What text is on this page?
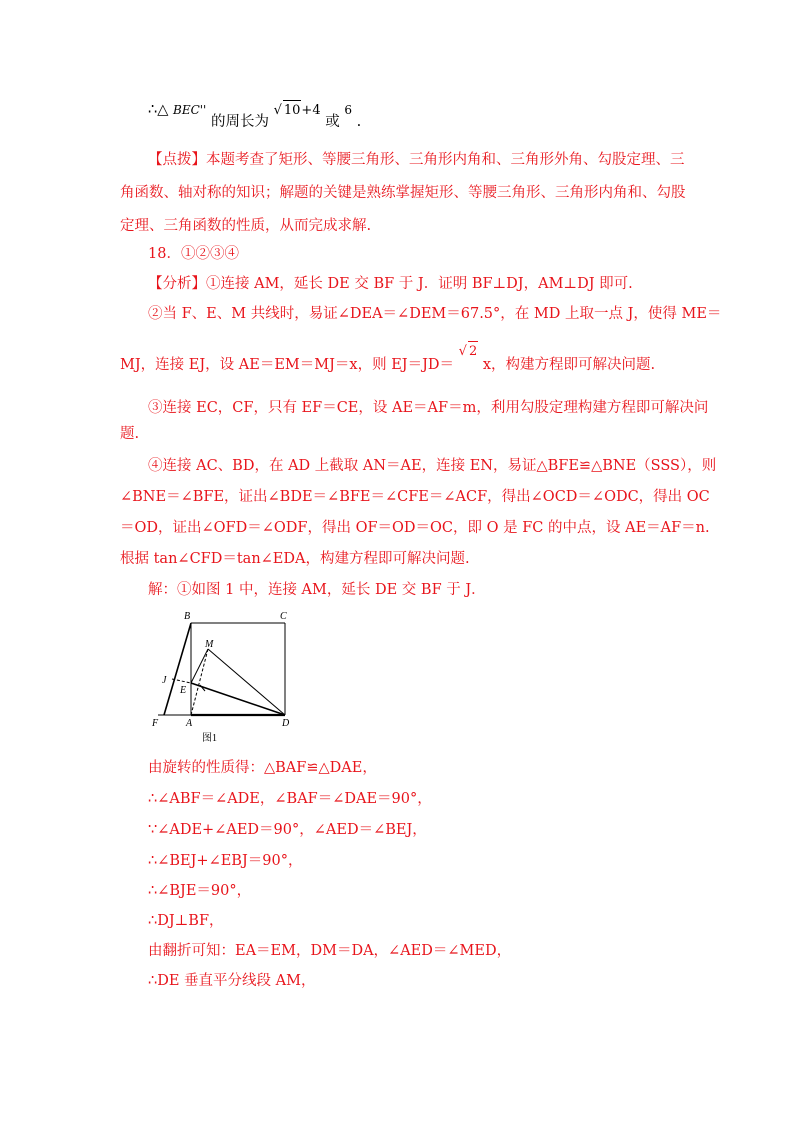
∴△ BEC'' 的周长为 √ 10+4 或 6 .
【点拨】本题考查了矩形、等腰三角形、三角形内角和、三角形外角、勾股定理、三
角函数、轴对称的知识；解题的关键是熟练掌握矩形、等腰三角形、三角形内角和、勾股
定理、三角函数的性质，从而完成求解.
18．①②③④
【分析】①连接 AM，延长 DE 交 BF 于 J．证明 BF⊥DJ，AM⊥DJ 即可.
②当 F、E、M 共线时，易证∠DEA＝∠DEM＝67.5°，在 MD 上取一点 J，使得 ME＝
MJ，连接 EJ，设 AE＝EM＝MJ＝x，则 EJ＝JD＝ √ 2 x，构建方程即可解决问题.
③连接 EC，CF，只有 EF＝CE，设 AE＝AF＝m，利用勾股定理构建方程即可解决问
题.
④连接 AC、BD，在 AD 上截取 AN＝AE，连接 EN，易证△BFE≌△BNE（SSS），则
∠BNE＝∠BFE，证出∠BDE＝∠BFE＝∠CFE＝∠ACF，得出∠OCD＝∠ODC，得出 OC
＝OD，证出∠OFD＝∠ODF，得出 OF＝OD＝OC，即 O 是 FC 的中点，设 AE＝AF＝n.
根据 tan∠CFD＝tan∠EDA，构建方程即可解决问题.
解：①如图 1 中，连接 AM，延长 DE 交 BF 于 J．
B	C
M
J
E
F	A	D
图1
由旋转的性质得：△BAF≌△DAE，
∴∠ABF＝∠ADE，∠BAF＝∠DAE＝90°，
∵∠ADE+∠AED＝90°，∠AED＝∠BEJ，
∴∠BEJ+∠EBJ＝90°，
∴∠BJE＝90°，
∴DJ⊥BF，
由翻折可知：EA＝EM，DM＝DA，∠AED＝∠MED，
∴DE 垂直平分线段 AM，
